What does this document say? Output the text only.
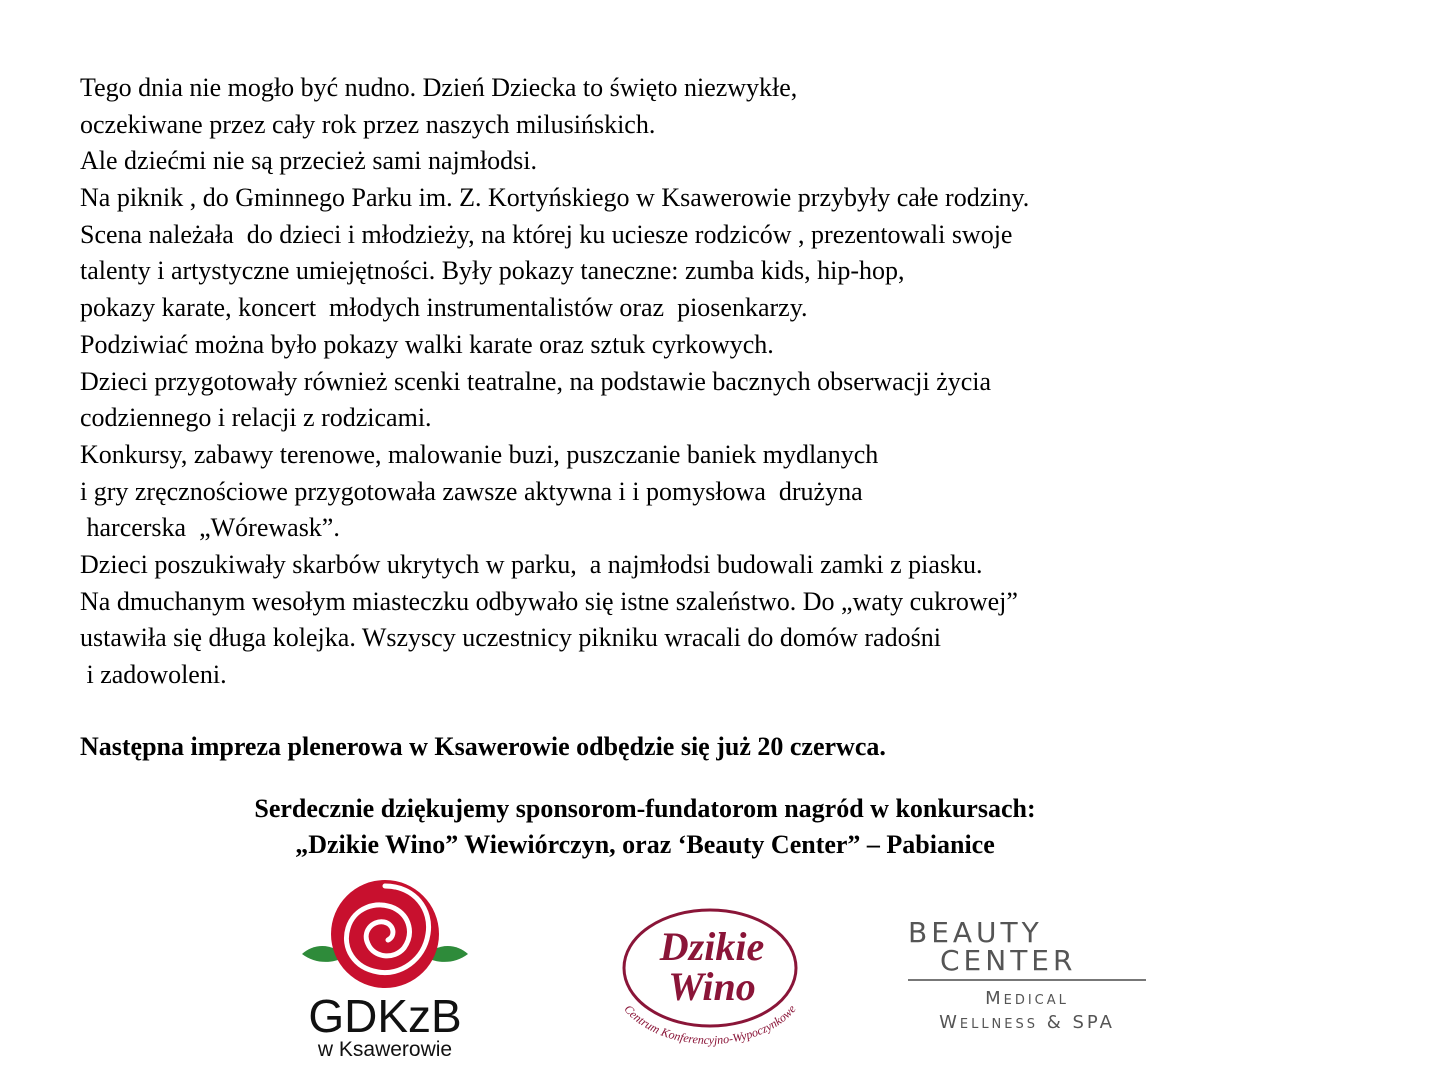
Tego dnia nie mogło być nudno. Dzień Dziecka to święto niezwykłe,
oczekiwane przez cały rok przez naszych milusińskich.
Ale dziećmi nie są przecież sami najmłodsi.
Na piknik , do Gminnego Parku im. Z. Kortyńskiego w Ksawerowie przybyły całe rodziny.
Scena należała  do dzieci i młodzieży, na której ku uciesze rodziców , prezentowali swoje
talenty i artystyczne umiejętności. Były pokazy taneczne: zumba kids, hip-hop,
pokazy karate, koncert  młodych instrumentalistów oraz  piosenkarzy.
Podziwiać można było pokazy walki karate oraz sztuk cyrkowych.
Dzieci przygotowały również scenki teatralne, na podstawie bacznych obserwacji życia
codziennego i relacji z rodzicami.
Konkursy, zabawy terenowe, malowanie buzi, puszczanie baniek mydlanych
i gry zręcznościowe przygotowała zawsze aktywna i i pomysłowa  drużyna
harcerska  „Wórewask”.
Dzieci poszukiwały skarbów ukrytych w parku,  a najmłodsi budowali zamki z piasku.
Na dmuchanym wesołym miasteczku odbywało się istne szaleństwo. Do „waty cukrowej”
ustawiła się długa kolejka. Wszyscy uczestnicy pikniku wracali do domów radośni
i zadowoleni.
Następna impreza plenerowa w Ksawerowie odbędzie się już 20 czerwca.
Serdecznie dziękujemy sponsorom-fundatorom nagród w konkursach:
„Dzikie Wino” Wiewiórczyn, oraz ‘Beauty Center” – Pabianice
GDKzB
w Ksawerowie
Dzikie
Wino
Centrum Konferencyjno-Wypoczynkowe
BEAUTY
CENTER
Medical
Wellness & SPA
